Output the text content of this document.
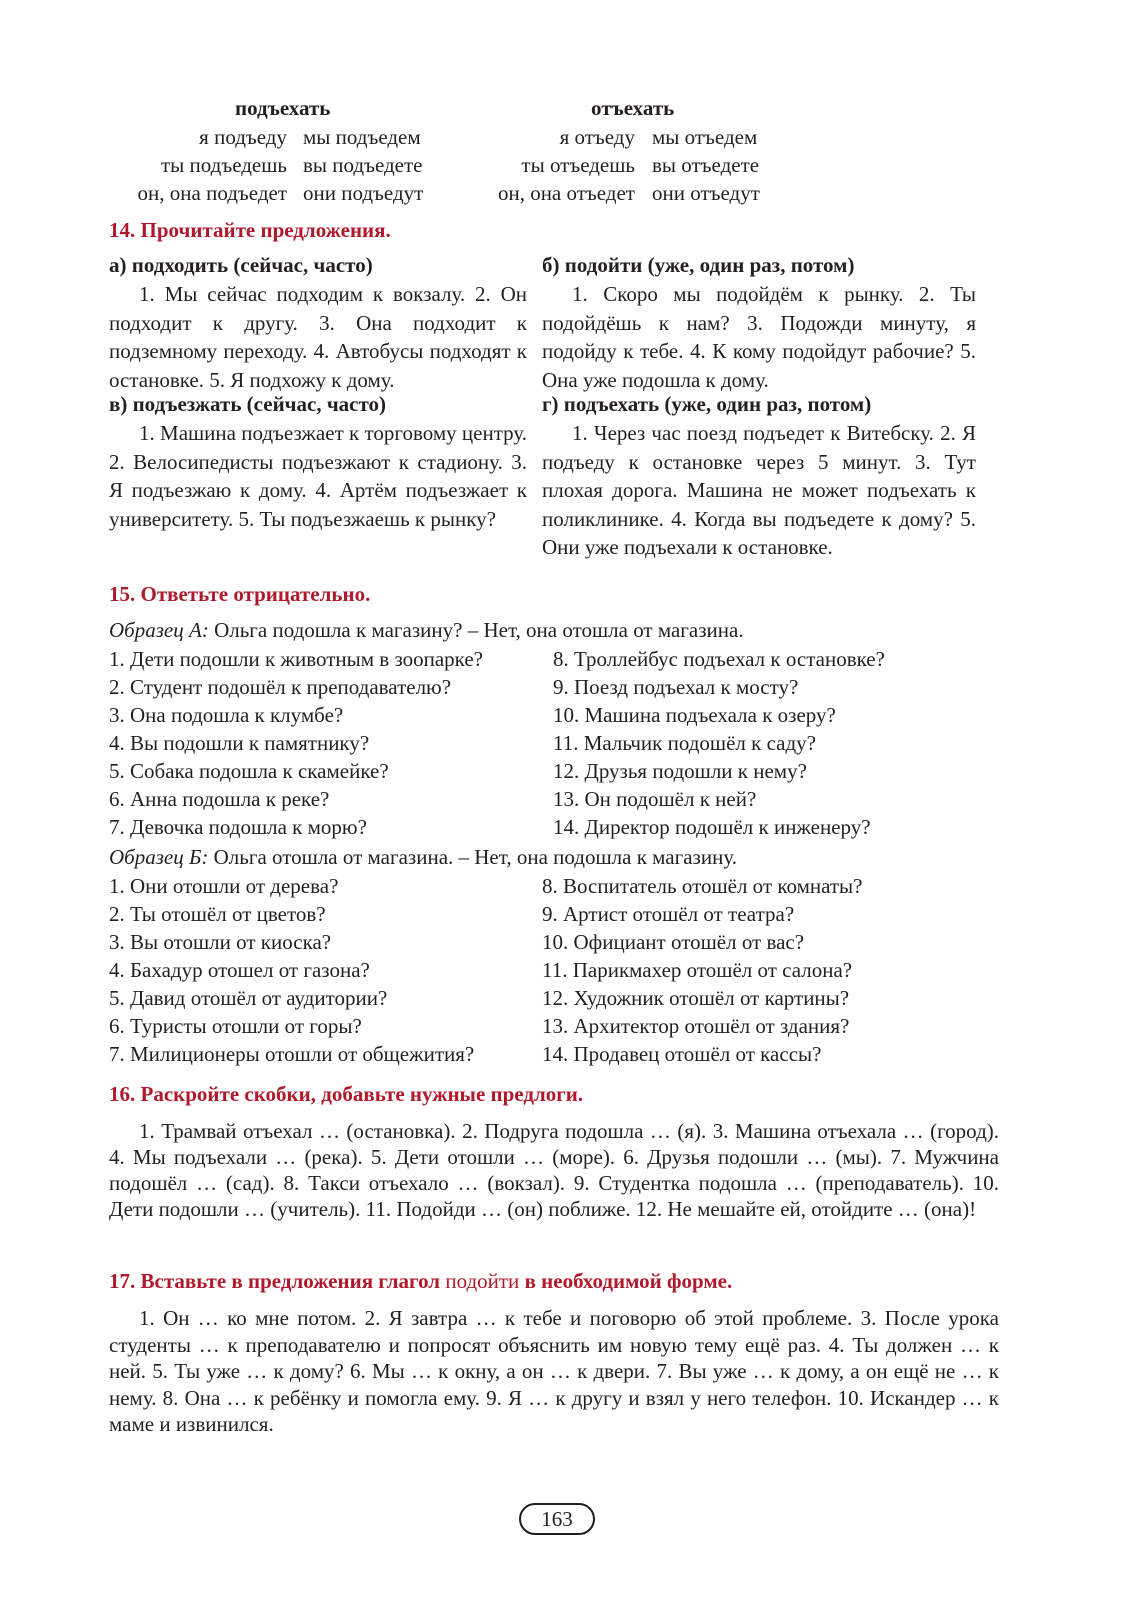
подъехать	отъехать
я подъеду мы подъедем
ты подъедешь вы подъедете
он, она подъедет они подъедут
я отъеду мы отъедем
ты отъедешь вы отъедете
он, она отъедет они отъедут
14. Прочитайте предложения.
а) подходить (сейчас, часто)
1. Мы сейчас подходим к вокзалу. 2. Он подходит к другу. 3. Она подходит к подземному переходу. 4. Автобусы подходят к остановке. 5. Я подхожу к дому.
б) подойти (уже, один раз, потом)
1. Скоро мы подойдём к рынку. 2. Ты подойдёшь к нам? 3. Подожди минуту, я подойду к тебе. 4. К кому подойдут рабочие? 5. Она уже подошла к дому.
в) подъезжать (сейчас, часто)
1. Машина подъезжает к торговому центру. 2. Велосипедисты подъезжают к стадиону. 3. Я подъезжаю к дому. 4. Артём подъезжает к университету. 5. Ты подъезжаешь к рынку?
г) подъехать (уже, один раз, потом)
1. Через час поезд подъедет к Витебску. 2. Я подъеду к остановке через 5 минут. 3. Тут плохая дорога. Машина не может подъехать к поликлинике. 4. Когда вы подъедете к дому? 5. Они уже подъехали к остановке.
15. Ответьте отрицательно.
Образец А: Ольга подошла к магазину? – Нет, она отошла от магазина.
1. Дети подошли к животным в зоопарке?
2. Студент подошёл к преподавателю?
3. Она подошла к клумбе?
4. Вы подошли к памятнику?
5. Собака подошла к скамейке?
6. Анна подошла к реке?
7. Девочка подошла к морю?
8. Троллейбус подъехал к остановке?
9. Поезд подъехал к мосту?
10. Машина подъехала к озеру?
11. Мальчик подошёл к саду?
12. Друзья подошли к нему?
13. Он подошёл к ней?
14. Директор подошёл к инженеру?
Образец Б: Ольга отошла от магазина. – Нет, она подошла к магазину.
1. Они отошли от дерева?
2. Ты отошёл от цветов?
3. Вы отошли от киоска?
4. Бахадур отошел от газона?
5. Давид отошёл от аудитории?
6. Туристы отошли от горы?
7. Милиционеры отошли от общежития?
8. Воспитатель отошёл от комнаты?
9. Артист отошёл от театра?
10. Официант отошёл от вас?
11. Парикмахер отошёл от салона?
12. Художник отошёл от картины?
13. Архитектор отошёл от здания?
14. Продавец отошёл от кассы?
16. Раскройте скобки, добавьте нужные предлоги.
1. Трамвай отъехал … (остановка). 2. Подруга подошла … (я). 3. Машина отъехала … (город). 4. Мы подъехали … (река). 5. Дети отошли … (море). 6. Друзья подошли … (мы). 7. Мужчина подошёл … (сад). 8. Такси отъехало … (вокзал). 9. Студентка подошла … (преподаватель). 10. Дети подошли … (учитель). 11. Подойди … (он) поближе. 12. Не мешайте ей, отойдите … (она)!
17. Вставьте в предложения глагол подойти в необходимой форме.
1. Он … ко мне потом. 2. Я завтра … к тебе и поговорю об этой проблеме. 3. После урока студенты … к преподавателю и попросят объяснить им новую тему ещё раз. 4. Ты должен … к ней. 5. Ты уже … к дому? 6. Мы … к окну, а он … к двери. 7. Вы уже … к дому, а он ещё не … к нему. 8. Она … к ребёнку и помогла ему. 9. Я … к другу и взял у него телефон. 10. Искандер … к маме и извинился.
163
